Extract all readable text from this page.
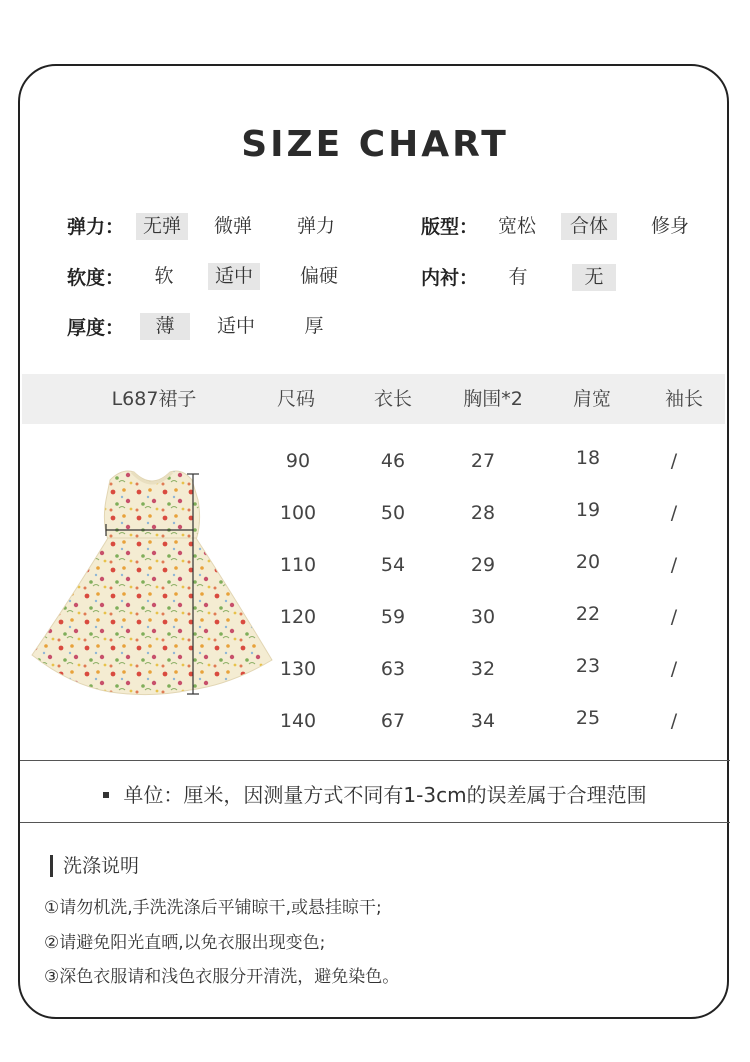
SIZE CHART
弹力： 无弹	微弹	弹力	版型：	宽松	合体	修身
软度：	软	适中	偏硬	内衬： 有	无
厚度：	薄	适中	厚
L687裙子	尺码	衣长	胸围*2	肩宽	袖长
90	46	27	18	/
100	50	28	19	/
110	54	29	20	/
120	59	30	22	/
130	63	32	23	/
140	67	34	25	/
单位：厘米，因测量方式不同有1-3cm的误差属于合理范围
洗涤说明
①请勿机洗,手洗洗涤后平铺晾干,或悬挂晾干;
②请避免阳光直晒,以免衣服出现变色;
③深色衣服请和浅色衣服分开清洗，避免染色。
